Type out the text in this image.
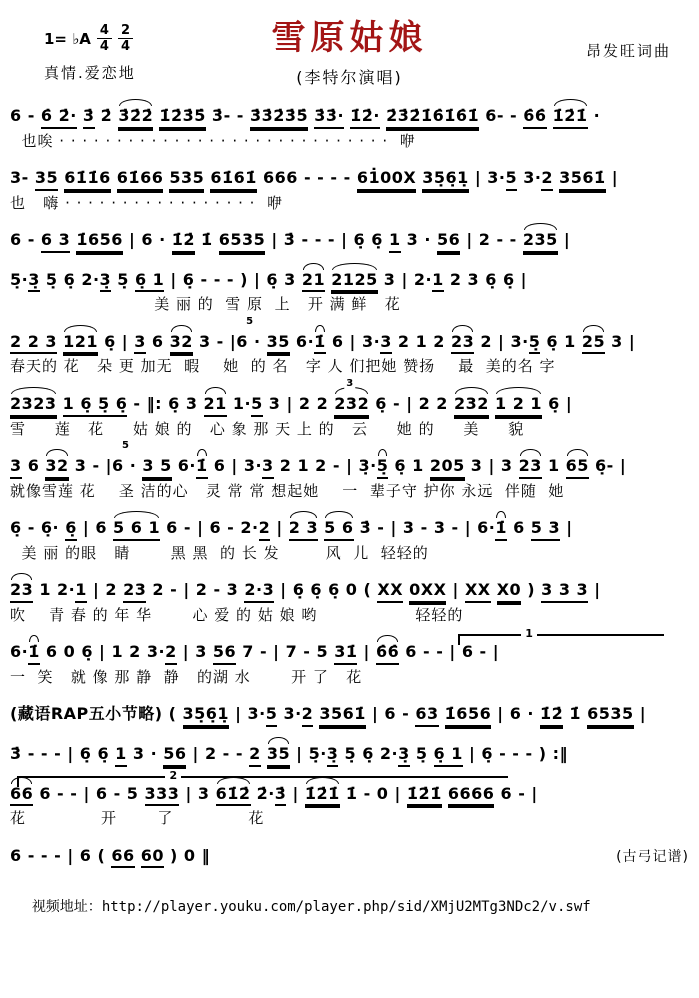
1= ♭A $\frac{4}{4} \frac{2}{4}$
真情.爱恋地
雪原姑娘
(李特尔演唱)
昂发旺词曲
6 - 6̇ 2̇·
3̇ 2̇ 3̇2̇2̇
1̇2̇3̇5̇ 3̇- - 3̇3̇2̇3̇5̇
3̇3̇·
1̇2̇·
2̇3̇2̇1̇6̇1̇6̇1̇ 6- - 6̇6̇
1̇2̇1̇ ·
也唉 · · · · · · · · · · · · · · · · · · · · · · · · · · · · ·  咿
3- 35
61̇1̇6
61̇66
535
61̇61̇ 666 - - - - 61̇00X
35̣6̣1̣ | 3· 5 3· 2
3561̇ |
也   嗨 · · · · · · · · · · · · · · · · ·  咿
6 - 6 3
1̇656 | 6 · 1̇2̇ 1̇ 6535 | 3̇ - - - | 6̣ 6̣ 1 3 · 56 | 2 - - 235 |
5̣· 3̣ 5̣ 6̣ 2· 3̣ 5̣ 6̣ 1 | 6̣ - - - ) | 6̣ 3 21
2125 3 | 2· 1 2 3 6̣ 6̣ |
美 丽 的  雪 原  上   开 满 鲜   花
2 2 3
121 6̣ | 3 6 32 3 - | 6 ·
5
35 6· 1̇ 6 | 3· 3 2 1 2 23 2 | 3· 5̣ 6̣ 1 25 3 |
春天的 花   朵 更 加无  暇    她  的 名   字 人 们把她 赞扬    最  美的名 字
2323
1 6̣ 5̣ 6̣ - ‖: 6̣ 3 21 1· 5 3 | 2 2 232
3
6̣ - | 2 2 232
1 2 1 6̣ |
雪     莲   花     姑 娘 的   心 象 那 天 上 的   云     她 的     美     貌
3 6 32 3 - | 6 ·
5
3 5 6· 1̇ 6 | 3· 3 2 1 2 - | 3̣· 5̣ 6̣ 1 205 3 | 3 23 1 65 6̣- |
就像雪莲 花    圣 洁的心   灵 常 常 想起她    一  辈子守 护你 永远  伴随  她
6̣ - 6̣· 6̣ | 6 5 6 1 6 - | 6 - 2· 2 | 2 3
5 6 3̇ - | 3 - 3 - | 6· 1̇ 6 5 3 |
美 丽 的眼   睛       黑 黑  的 长 发        风  儿  轻轻的
23 1 2· 1 | 2 23 2 - | 2 - 3 2·3 | 6̣ 6̣ 6̣ 0 ( XX
0XX | XX
X0 ) 3 3 3 |
吹    青 春 的 年 华       心 爱 的 姑 娘 哟                 轻轻的
1
6· 1̇ 6 0 6̣ | 1 2 3· 2 | 3 56 7 - | 7 - 5 31̇ | 6̇6̇ 6 - - | 6 - |
一  笑   就 像 那 静  静   的湖 水       开 了   花
(藏语RAP五小节略) ( 35̣6̣1̣ | 3· 5 3· 2
3561̇ | 6 - 63
1̇656 | 6 · 1̇2̇ 1̇ 6535 |
3̇ - - - | 6̣ 6̣ 1 3 · 56 | 2 - - 2
35 | 5̣· 3̣ 5̣ 6̣ 2· 3̣ 5̣ 6̣ 1 | 6̣ - - - ) :‖
2
66 6 - - | 6 - 5 333 | 3 61̇2̇ 2̇· 3̇ | 1̇2̇1̇ 1̇ - 0 | 1̇2̇1̇
6666 6 - |
花             开       了             花
6 - - - | 6 ( 66
60 ) 0 ‖	(古弓记谱)

视频地址：http://player.youku.com/player.php/sid/XMjU2MTg3NDc2/v.swf
